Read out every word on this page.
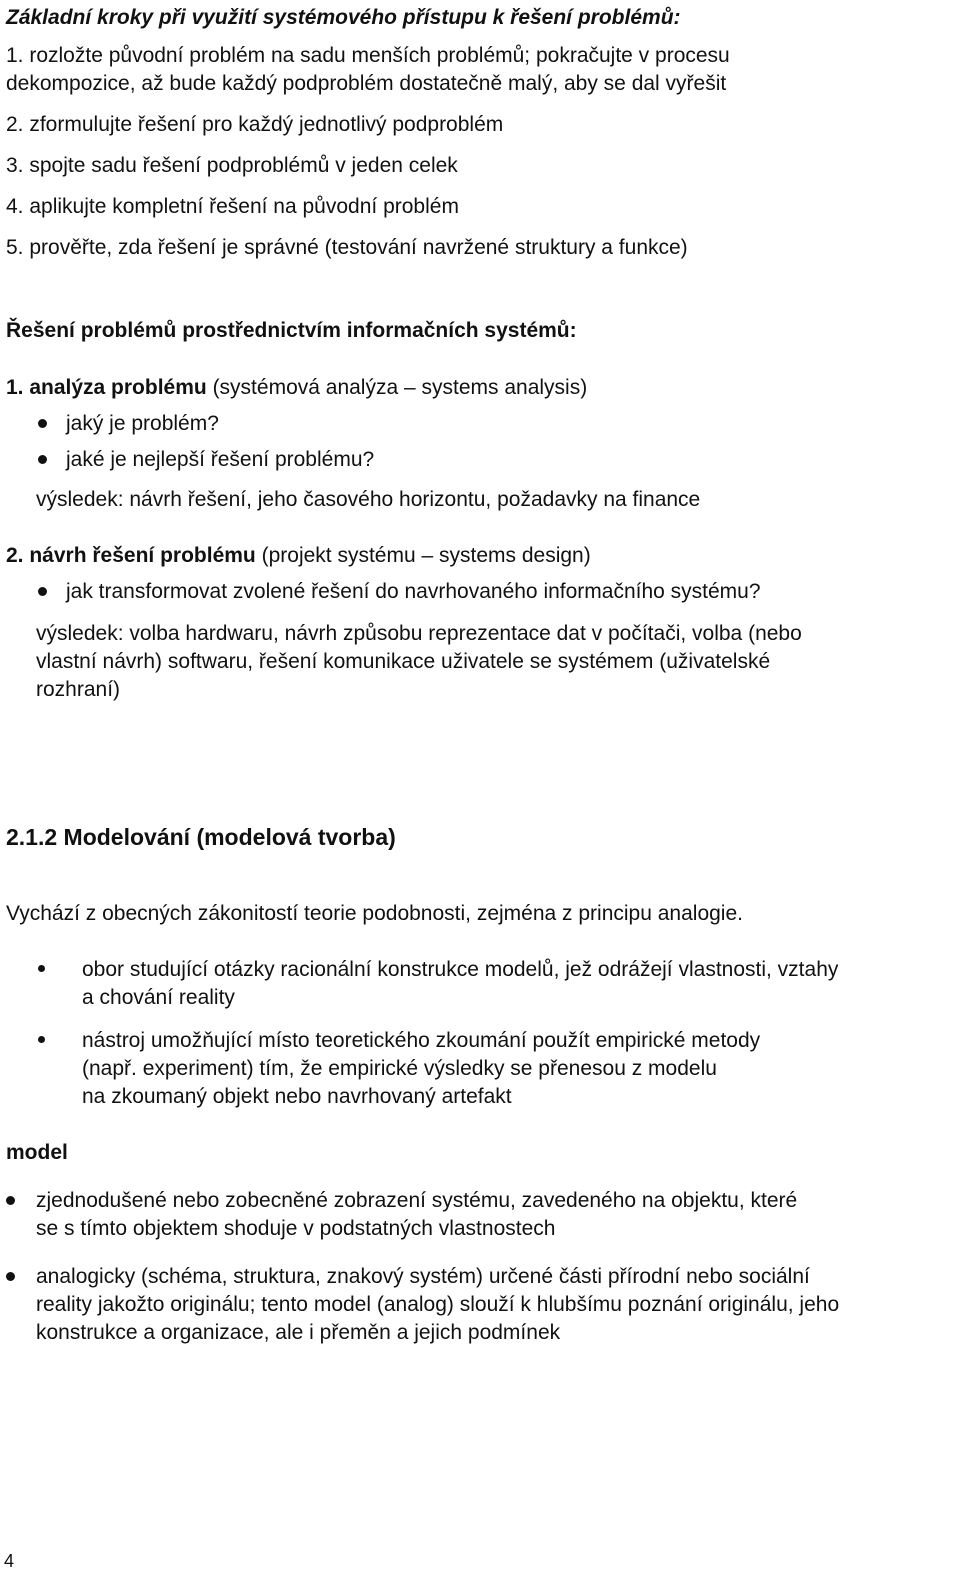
Základní kroky při využití systémového přístupu k řešení problémů:
1. rozložte původní problém na sadu menších problémů; pokračujte v procesu
dekompozice, až bude každý podproblém dostatečně malý, aby se dal vyřešit
2. zformulujte řešení pro každý jednotlivý podproblém
3. spojte sadu řešení podproblémů v jeden celek
4. aplikujte kompletní řešení na původní problém
5. prověřte, zda řešení je správné (testování navržené struktury a funkce)
Řešení problémů prostřednictvím informačních systémů:
1. analýza problému (systémová analýza – systems analysis)
jaký je problém?
jaké je nejlepší řešení problému?
výsledek: návrh řešení, jeho časového horizontu, požadavky na finance
2. návrh řešení problému (projekt systému – systems design)
jak transformovat zvolené řešení do navrhovaného informačního systému?
výsledek: volba hardwaru, návrh způsobu reprezentace dat v počítači, volba (nebo
vlastní návrh) softwaru, řešení komunikace uživatele se systémem (uživatelské
rozhraní)
2.1.2 Modelování (modelová tvorba)
Vychází z obecných zákonitostí teorie podobnosti, zejména z principu analogie.
obor studující otázky racionální konstrukce modelů, jež odrážejí vlastnosti, vztahy
a chování reality
nástroj umožňující místo teoretického zkoumání použít empirické metody
(např. experiment) tím, že empirické výsledky se přenesou z modelu
na zkoumaný objekt nebo navrhovaný artefakt
model
zjednodušené nebo zobecněné zobrazení systému, zavedeného na objektu, které
se s tímto objektem shoduje v podstatných vlastnostech
analogicky (schéma, struktura, znakový systém) určené části přírodní nebo sociální
reality jakožto originálu; tento model (analog) slouží k hlubšímu poznání originálu, jeho
konstrukce a organizace, ale i přeměn a jejich podmínek
4
